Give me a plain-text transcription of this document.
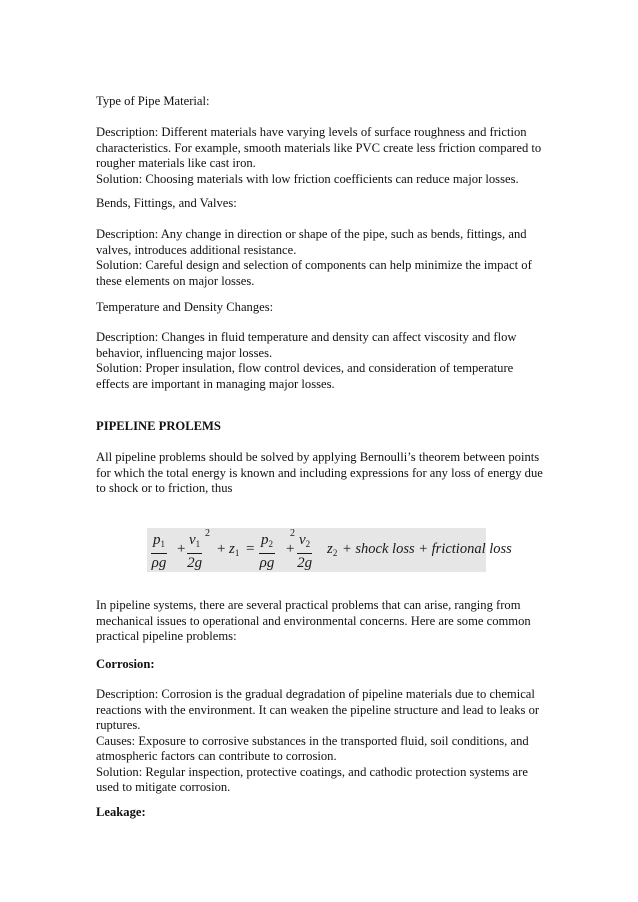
Type of Pipe Material:

Description: Different materials have varying levels of surface roughness and friction characteristics. For example, smooth materials like PVC create less friction compared to rougher materials like cast iron.

Solution: Choosing materials with low friction coefficients can reduce major losses.

Bends, Fittings, and Valves:

Description: Any change in direction or shape of the pipe, such as bends, fittings, and valves, introduces additional resistance.

Solution: Careful design and selection of components can help minimize the impact of these elements on major losses.

Temperature and Density Changes:

Description: Changes in fluid temperature and density can affect viscosity and flow behavior, influencing major losses.

Solution: Proper insulation, flow control devices, and consideration of temperature effects are important in managing major losses.

PIPELINE PROLEMS

All pipeline problems should be solved by applying Bernoulli’s theorem between points for which the total energy is known and including expressions for any loss of energy due to shock or to friction, thus

$\frac{p_1}{\rho g}$ +
2
$\frac{v_1}{2g} + z_1 = \frac{p_2}{\rho g}$ +
$2 \frac{v_2}{2g} z_2$ + shock loss + frictional loss

In pipeline systems, there are several practical problems that can arise, ranging from mechanical issues to operational and environmental concerns. Here are some common practical pipeline problems:

Corrosion:

Description: Corrosion is the gradual degradation of pipeline materials due to chemical reactions with the environment. It can weaken the pipeline structure and lead to leaks or ruptures.

Causes: Exposure to corrosive substances in the transported fluid, soil conditions, and atmospheric factors can contribute to corrosion.

Solution: Regular inspection, protective coatings, and cathodic protection systems are used to mitigate corrosion.

Leakage:
